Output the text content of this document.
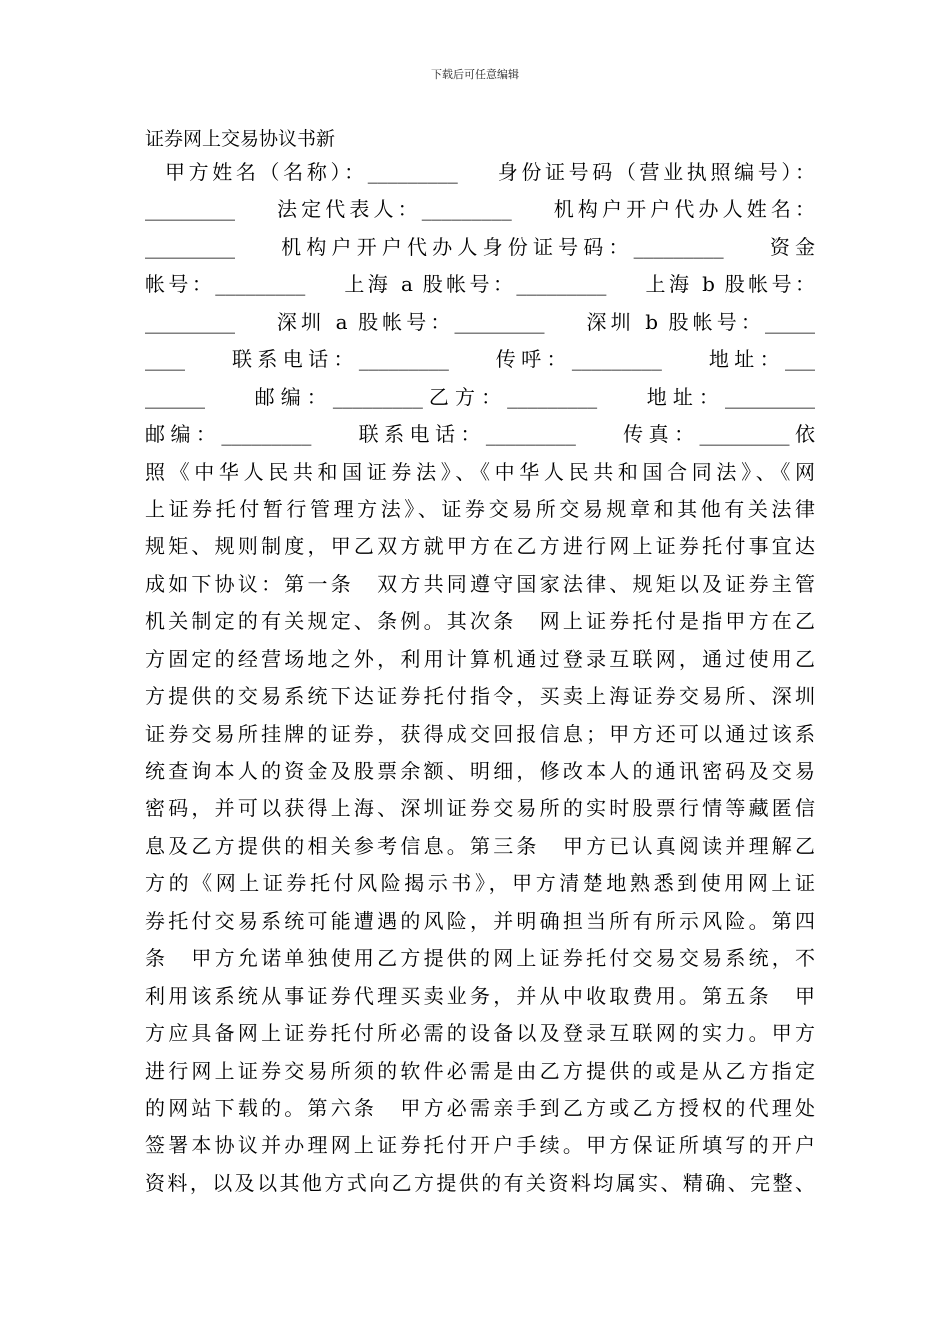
下载后可任意编辑
证券网上交易协议书新
甲方姓名（名称）：_________    身份证号码（营业执照编号）：
_________    法定代表人：_________    机构户开户代办人姓名：
_________    机构户开户代办人身份证号码：_________    资金
帐号：_________    上海 a 股帐号：_________    上海 b 股帐号：
_________    深圳 a 股帐号：_________    深圳 b 股帐号：_____
____    联系电话：_________    传呼：_________    地址：___
______    邮编：_________乙方：_________    地址：_________
邮编：_________    联系电话：_________    传真：_________依
照《中华人民共和国证券法》、《中华人民共和国合同法》、《网
上证券托付暂行管理方法》、证券交易所交易规章和其他有关法律
规矩、规则制度，甲乙双方就甲方在乙方进行网上证券托付事宜达
成如下协议：第一条　双方共同遵守国家法律、规矩以及证券主管
机关制定的有关规定、条例。其次条　网上证券托付是指甲方在乙
方固定的经营场地之外，利用计算机通过登录互联网，通过使用乙
方提供的交易系统下达证券托付指令，买卖上海证券交易所、深圳
证券交易所挂牌的证券，获得成交回报信息；甲方还可以通过该系
统查询本人的资金及股票余额、明细，修改本人的通讯密码及交易
密码，并可以获得上海、深圳证券交易所的实时股票行情等藏匿信
息及乙方提供的相关参考信息。第三条　甲方已认真阅读并理解乙
方的《网上证券托付风险揭示书》，甲方清楚地熟悉到使用网上证
券托付交易系统可能遭遇的风险，并明确担当所有所示风险。第四
条　甲方允诺单独使用乙方提供的网上证券托付交易交易系统，不
利用该系统从事证券代理买卖业务，并从中收取费用。第五条　甲
方应具备网上证券托付所必需的设备以及登录互联网的实力。甲方
进行网上证券交易所须的软件必需是由乙方提供的或是从乙方指定
的网站下载的。第六条　甲方必需亲手到乙方或乙方授权的代理处
签署本协议并办理网上证券托付开户手续。甲方保证所填写的开户
资料，以及以其他方式向乙方提供的有关资料均属实、精确、完整、
